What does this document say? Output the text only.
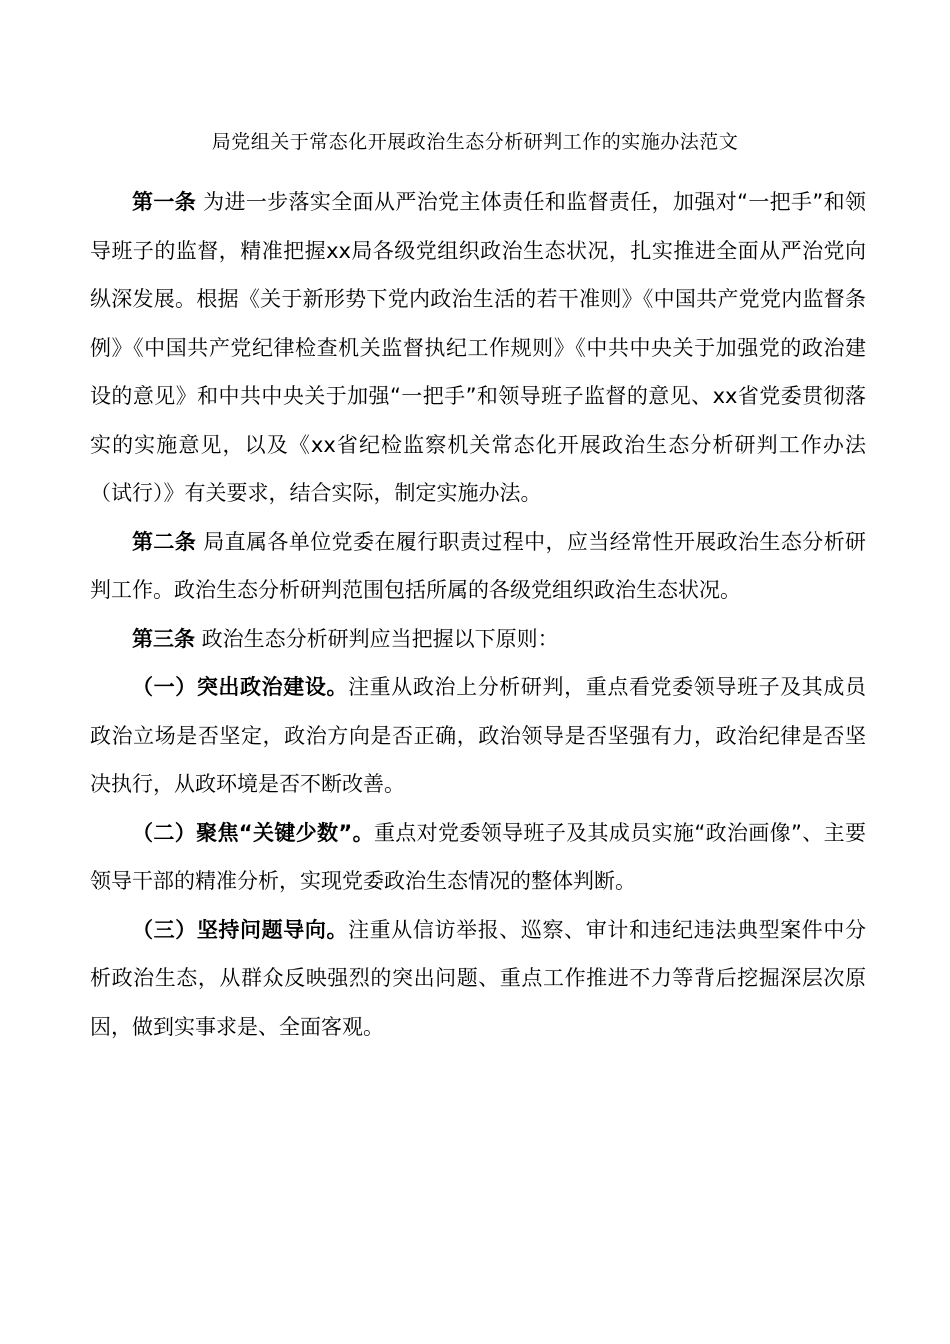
局党组关于常态化开展政治生态分析研判工作的实施办法范文

第一条 为进一步落实全面从严治党主体责任和监督责任，加强对“一把手”和领导班子的监督，精准把握xx局各级党组织政治生态状况，扎实推进全面从严治党向纵深发展。根据《关于新形势下党内政治生活的若干准则》《中国共产党党内监督条例》《中国共产党纪律检查机关监督执纪工作规则》《中共中央关于加强党的政治建设的意见》和中共中央关于加强“一把手”和领导班子监督的意见、xx省党委贯彻落实的实施意见，以及《xx省纪检监察机关常态化开展政治生态分析研判工作办法（试行）》有关要求，结合实际，制定实施办法。

第二条 局直属各单位党委在履行职责过程中，应当经常性开展政治生态分析研判工作。政治生态分析研判范围包括所属的各级党组织政治生态状况。

第三条 政治生态分析研判应当把握以下原则：

（一）突出政治建设。注重从政治上分析研判，重点看党委领导班子及其成员政治立场是否坚定，政治方向是否正确，政治领导是否坚强有力，政治纪律是否坚决执行，从政环境是否不断改善。

（二）聚焦“关键少数”。重点对党委领导班子及其成员实施“政治画像”、主要领导干部的精准分析，实现党委政治生态情况的整体判断。

（三）坚持问题导向。注重从信访举报、巡察、审计和违纪违法典型案件中分析政治生态，从群众反映强烈的突出问题、重点工作推进不力等背后挖掘深层次原因，做到实事求是、全面客观。
